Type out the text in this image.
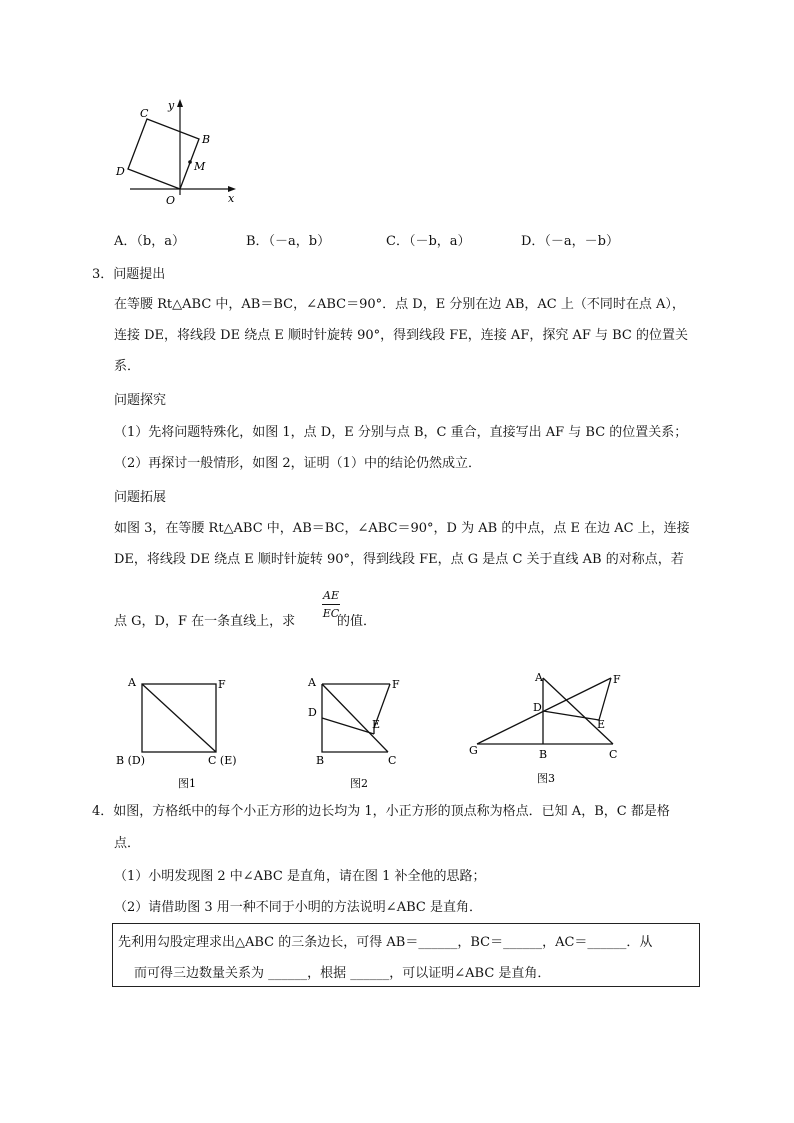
y
x
O
C
B
D	M
A．（b，a）	B．（－a，b）	C．（－b，a）	D．（－a，－b）
3．问题提出
在等腰 Rt△ABC 中，AB＝BC，∠ABC＝90°．点 D，E 分别在边 AB，AC 上（不同时在点 A），
连接 DE，将线段 DE 绕点 E 顺时针旋转 90°，得到线段 FE，连接 AF，探究 AF 与 BC 的位置关
系．
问题探究
（1）先将问题特殊化，如图 1，点 D，E 分别与点 B，C 重合，直接写出 AF 与 BC 的位置关系；
（2）再探讨一般情形，如图 2，证明（1）中的结论仍然成立．
问题拓展
如图 3，在等腰 Rt△ABC 中，AB＝BC，∠ABC＝90°，D 为 AB 的中点，点 E 在边 AC 上，连接
DE，将线段 DE 绕点 E 顺时针旋转 90°，得到线段 FE，点 G 是点 C 关于直线 AB 的对称点，若
点 G，D，F 在一条直线上，求
AE
EC
的值．
A	F
B (D)	C (E)
图1
A	F
D
E
B	C
图2
A	F
D
E
G	B	C
图3
4．如图，方格纸中的每个小正方形的边长均为 1，小正方形的顶点称为格点．已知 A，B，C 都是格
点．
（1）小明发现图 2 中∠ABC 是直角，请在图 1 补全他的思路；
（2）请借助图 3 用一种不同于小明的方法说明∠ABC 是直角．
先利用勾股定理求出△ABC 的三条边长，可得 AB＝______，BC＝______，AC＝______．从
而可得三边数量关系为 ______，根据 ______，可以证明∠ABC 是直角．
